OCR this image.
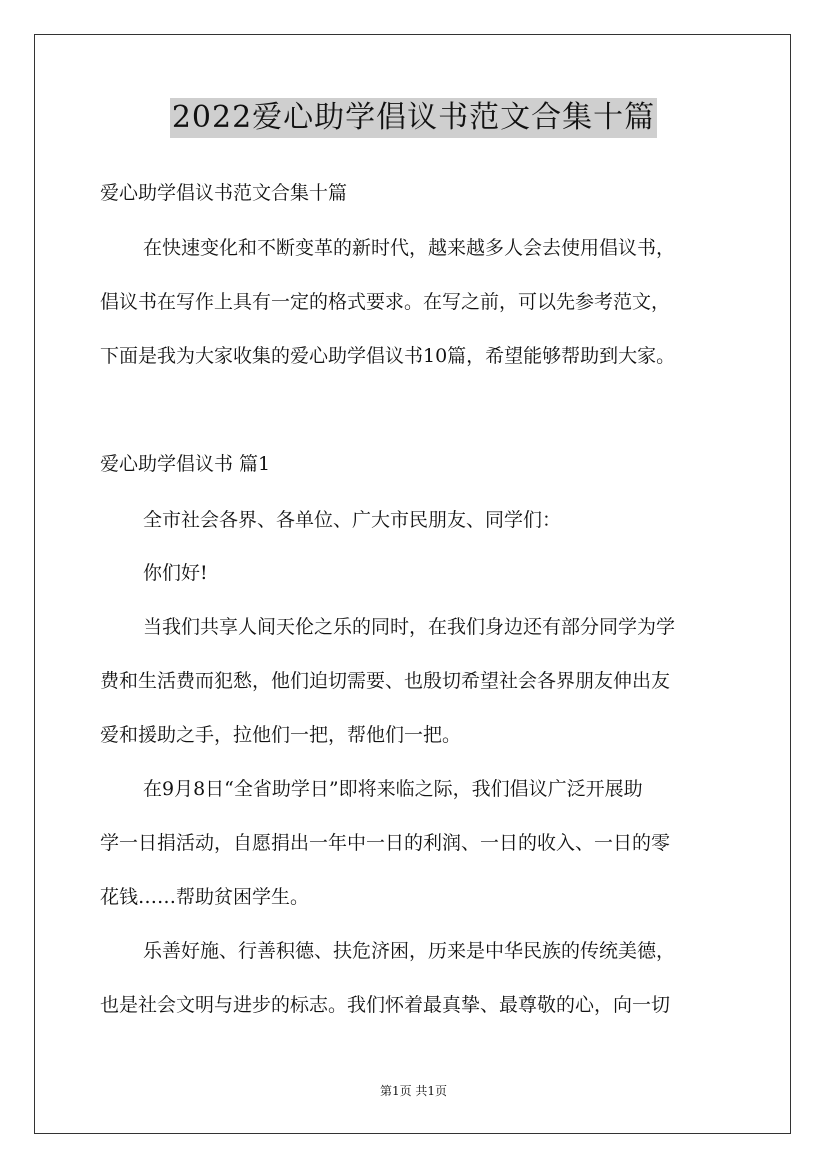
2022爱心助学倡议书范文合集十篇
爱心助学倡议书范文合集十篇
在快速变化和不断变革的新时代，越来越多人会去使用倡议书，
倡议书在写作上具有一定的格式要求。在写之前，可以先参考范文，
下面是我为大家收集的爱心助学倡议书10篇，希望能够帮助到大家。
爱心助学倡议书 篇1
全市社会各界、各单位、广大市民朋友、同学们：
你们好!
当我们共享人间天伦之乐的同时，在我们身边还有部分同学为学
费和生活费而犯愁，他们迫切需要、也殷切希望社会各界朋友伸出友
爱和援助之手，拉他们一把，帮他们一把。
在9月8日“全省助学日”即将来临之际，我们倡议广泛开展助
学一日捐活动，自愿捐出一年中一日的利润、一日的收入、一日的零
花钱……帮助贫困学生。
乐善好施、行善积德、扶危济困，历来是中华民族的传统美德，
也是社会文明与进步的标志。我们怀着最真挚、最尊敬的心，向一切
第1页 共1页
